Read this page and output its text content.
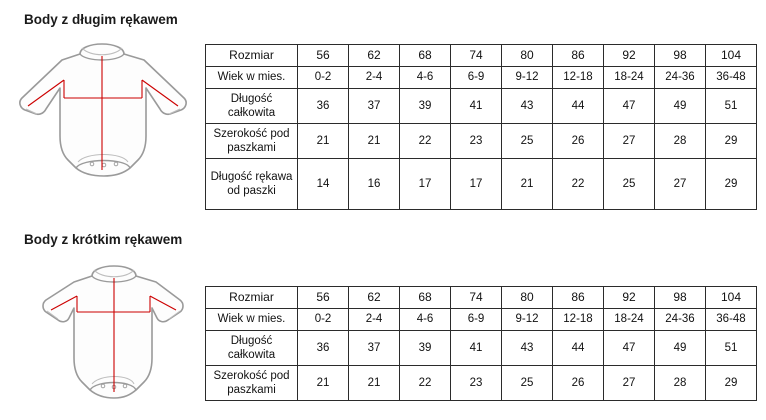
Body z długim rękawem
Rozmiar	56	62	68	74	80	86	92	98	104
Wiek w mies.	0-2	2-4	4-6	6-9	9-12	12-18	18-24	24-36	36-48
Długość całkowita	36	37	39	41	43	44	47	49	51
Szerokość pod paszkami	21	21	22	23	25	26	27	28	29
Długość rękawa od paszki	14	16	17	17	21	22	25	27	29
Body z krótkim rękawem
Rozmiar	56	62	68	74	80	86	92	98	104
Wiek w mies.	0-2	2-4	4-6	6-9	9-12	12-18	18-24	24-36	36-48
Długość całkowita	36	37	39	41	43	44	47	49	51
Szerokość pod paszkami	21	21	22	23	25	26	27	28	29
